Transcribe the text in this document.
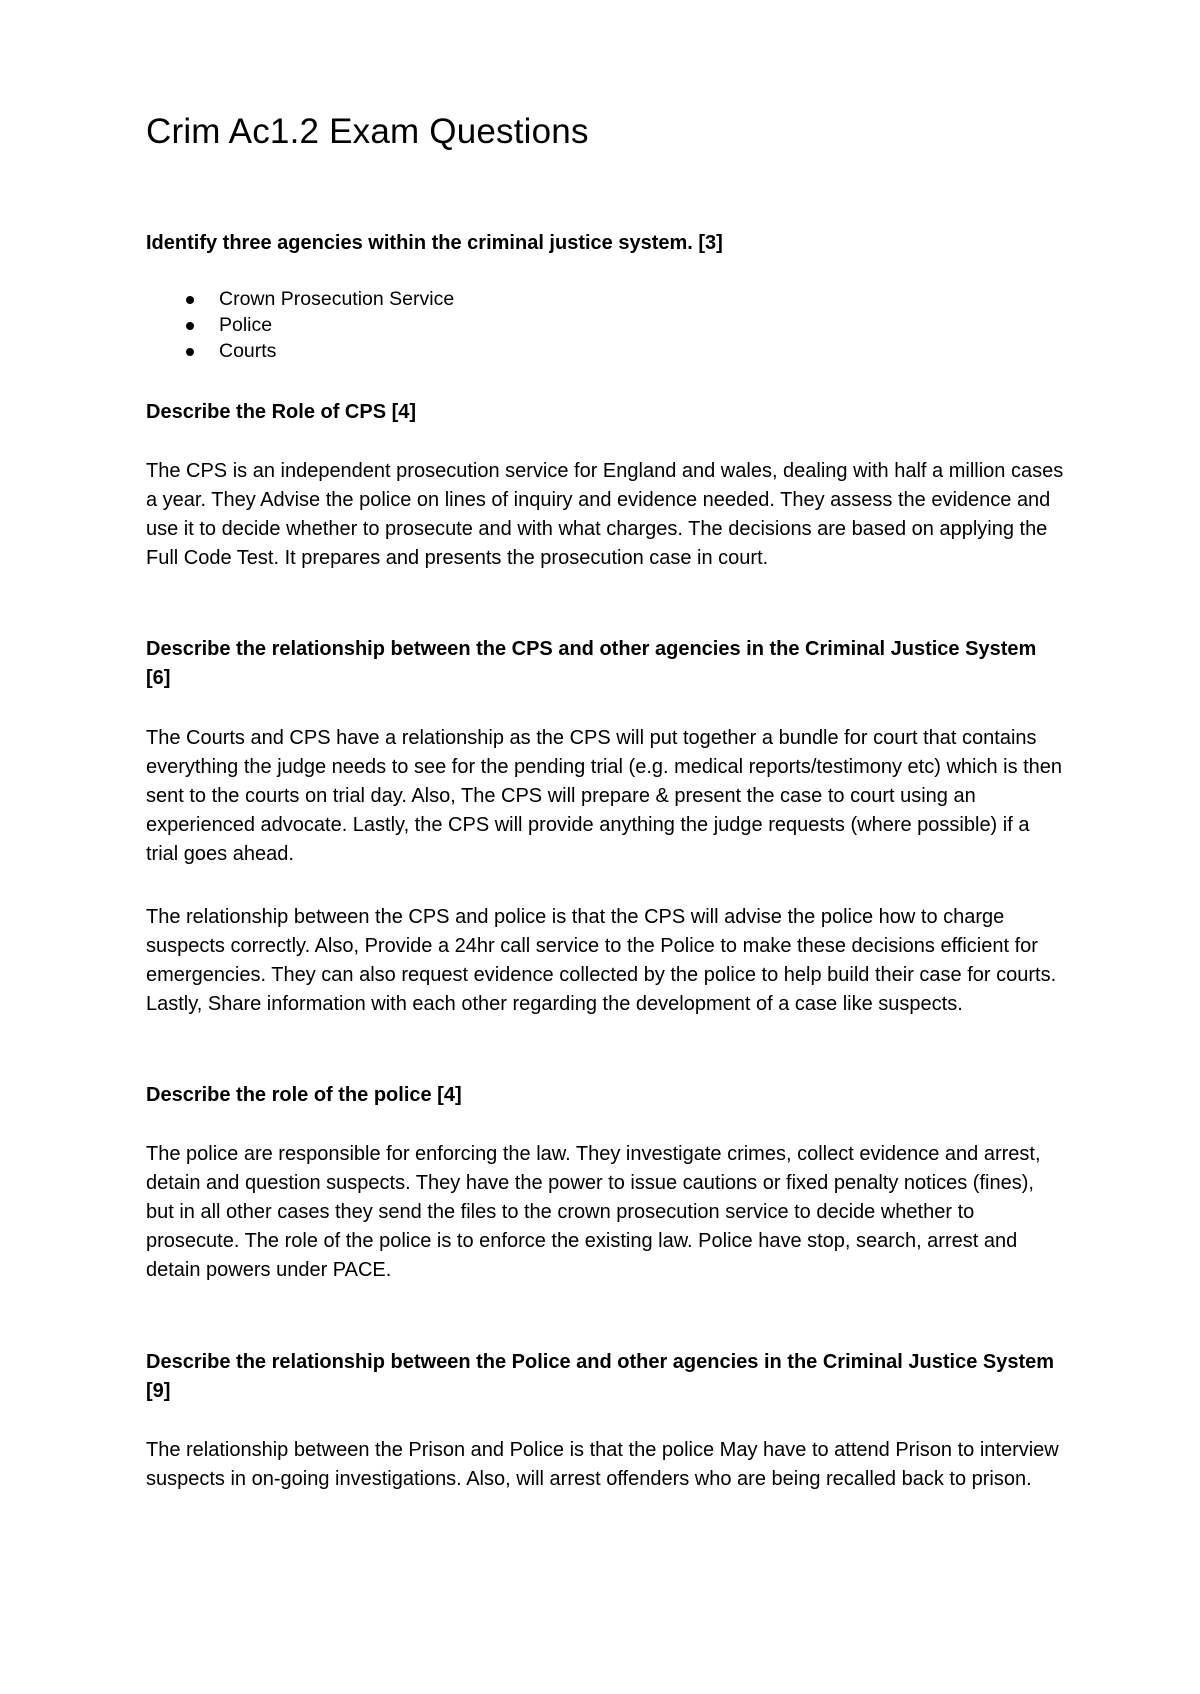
Crim Ac1.2 Exam Questions

Identify three agencies within the criminal justice system. [3]

Crown Prosecution Service
Police
Courts

Describe the Role of CPS [4]

The CPS is an independent prosecution service for England and wales, dealing with half a million cases a year. They Advise the police on lines of inquiry and evidence needed. They assess the evidence and use it to decide whether to prosecute and with what charges. The decisions are based on applying the Full Code Test. It prepares and presents the prosecution case in court.

Describe the relationship between the CPS and other agencies in the Criminal Justice System [6]

The Courts and CPS have a relationship as the CPS will put together a bundle for court that contains everything the judge needs to see for the pending trial (e.g. medical reports/testimony etc) which is then sent to the courts on trial day. Also, The CPS will prepare & present the case to court using an experienced advocate. Lastly, the CPS will provide anything the judge requests (where possible) if a trial goes ahead.

The relationship between the CPS and police is that the CPS will advise the police how to charge suspects correctly. Also, Provide a 24hr call service to the Police to make these decisions efficient for emergencies. They can also request evidence collected by the police to help build their case for courts. Lastly, Share information with each other regarding the development of a case like suspects.

Describe the role of the police [4]

The police are responsible for enforcing the law. They investigate crimes, collect evidence and arrest, detain and question suspects. They have the power to issue cautions or fixed penalty notices (fines), but in all other cases they send the files to the crown prosecution service to decide whether to prosecute. The role of the police is to enforce the existing law. Police have stop, search, arrest and detain powers under PACE.

Describe the relationship between the Police and other agencies in the Criminal Justice System [9]

The relationship between the Prison and Police is that the police May have to attend Prison to interview suspects in on-going investigations. Also, will arrest offenders who are being recalled back to prison.
